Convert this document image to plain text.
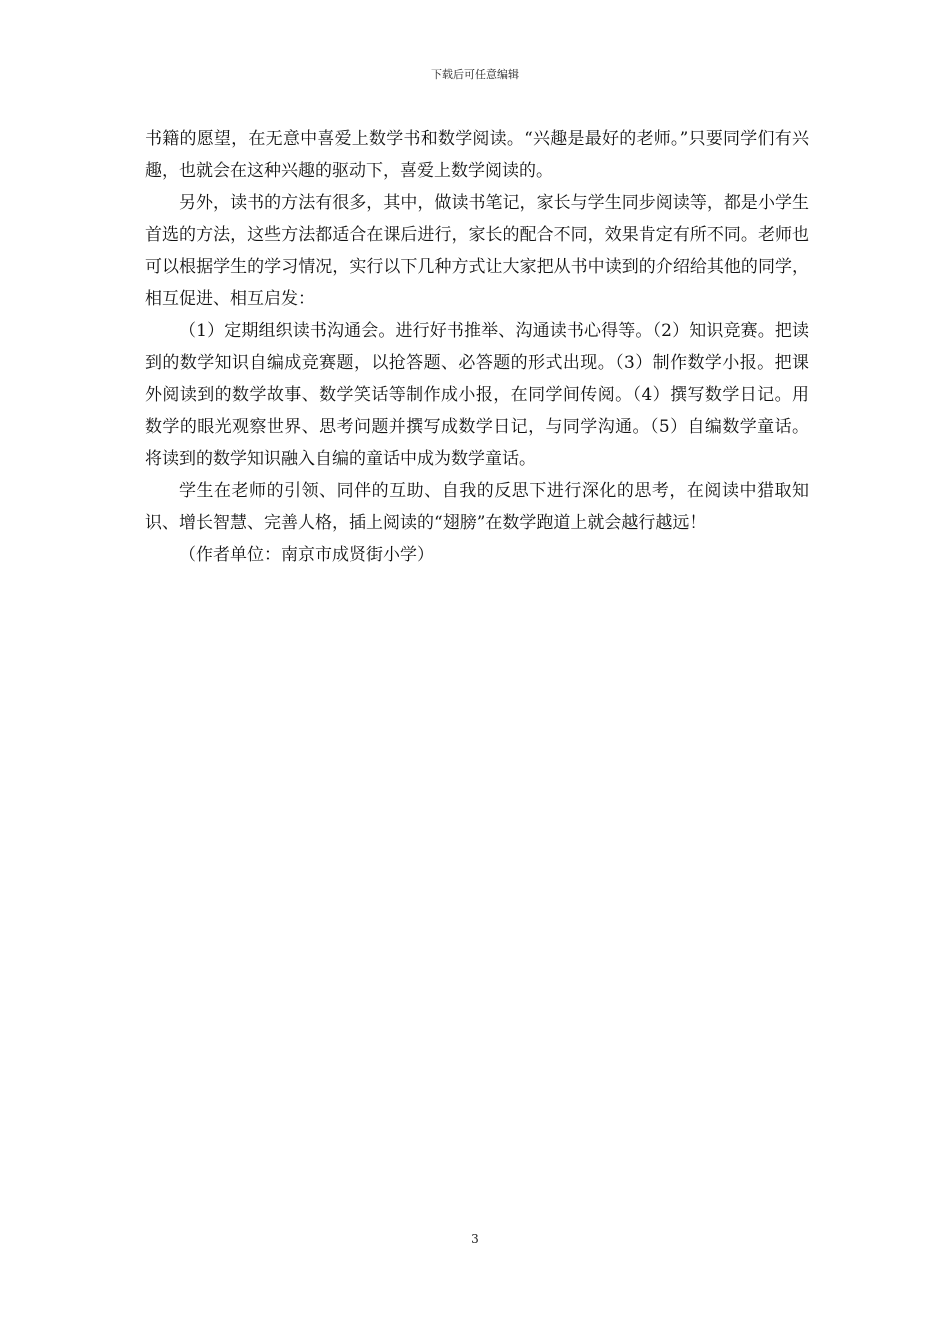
下载后可任意编辑

书籍的愿望，在无意中喜爱上数学书和数学阅读。“兴趣是最好的老师。”只要同学们有兴趣，也就会在这种兴趣的驱动下，喜爱上数学阅读的。

另外，读书的方法有很多，其中，做读书笔记，家长与学生同步阅读等，都是小学生首选的方法，这些方法都适合在课后进行，家长的配合不同，效果肯定有所不同。老师也可以根据学生的学习情况，实行以下几种方式让大家把从书中读到的介绍给其他的同学，相互促进、相互启发：

（1）定期组织读书沟通会。进行好书推举、沟通读书心得等。（2）知识竞赛。把读到的数学知识自编成竞赛题，以抢答题、必答题的形式出现。（3）制作数学小报。把课外阅读到的数学故事、数学笑话等制作成小报，在同学间传阅。（4）撰写数学日记。用数学的眼光观察世界、思考问题并撰写成数学日记，与同学沟通。（5）自编数学童话。将读到的数学知识融入自编的童话中成为数学童话。

学生在老师的引领、同伴的互助、自我的反思下进行深化的思考，在阅读中猎取知识、增长智慧、完善人格，插上阅读的“翅膀”在数学跑道上就会越行越远！

（作者单位：南京市成贤街小学）

3
